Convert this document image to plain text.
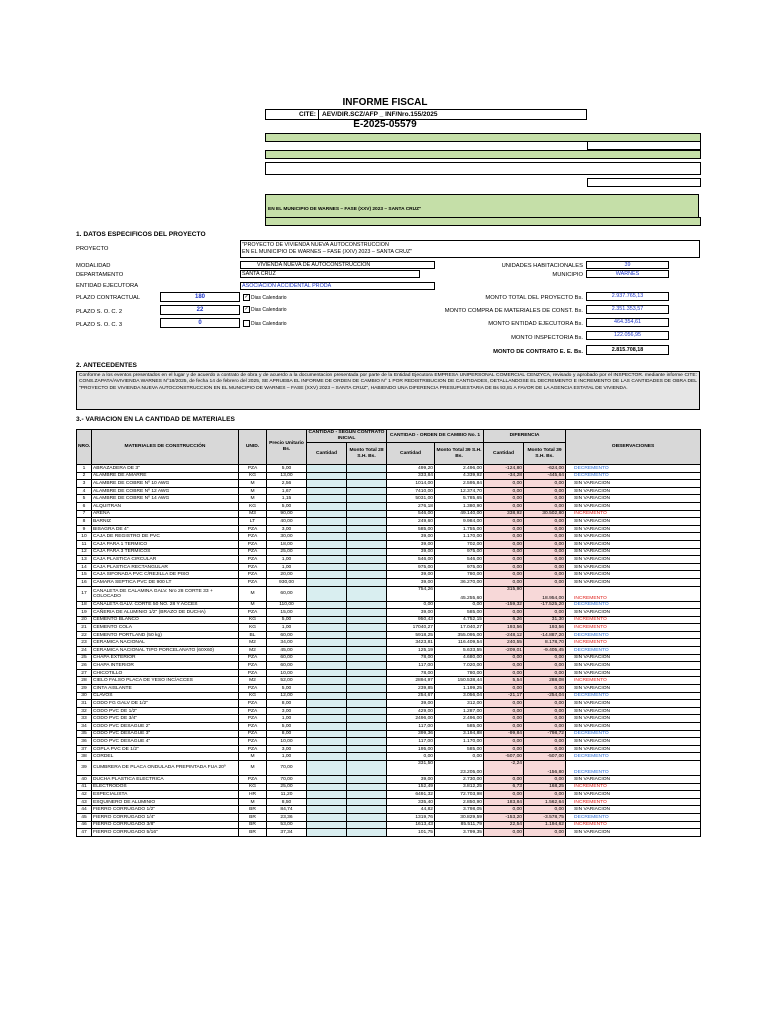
INFORME FISCAL
CITE: AEV/DIR.SCZ/AFP _ INF/Nro.155/2025
E-2025-05579
EN EL MUNICIPIO DE WARNES – FASE (XXV) 2023 – SANTA CRUZ"
1. DATOS ESPECIFICOS DEL PROYECTO
PROYECTO
"PROYECTO DE VIVIENDA NUEVA AUTOCONSTRUCCION
EN EL MUNICIPIO DE WARNES – FASE (XXV) 2023 – SANTA CRUZ"
MODALIDAD	VIVIENDA NUEVA DE AUTOCONSTRUCCION
DEPARTAMENTO	SANTA CRUZ
ENTIDAD EJECUTORA	ASOCIACION ACCIDENTAL PRODA
PLAZO CONTRACTUAL	180	✓ Dias Calendario
PLAZO S. O. C. 2	22	✓ Dias Calendario
PLAZO S. O. C. 3	0	Dias Calendario
UNIDADES HABITACIONALES	39
MUNICIPIO	WARNES
MONTO TOTAL DEL PROYECTO Bs.	2.937.765,13
MONTO COMPRA DE MATERIALES DE CONST. Bs.	2.351.353,57
MONTO ENTIDAD EJECUTORA Bs.	464.354,61
MONTO INSPECTORIA Bs.	122.056,95
MONTO DE CONTRATO E. E. Bs.	2.815.708,18
2. ANTECEDENTES
Conforme a los eventos presentados en el lugar y de acuerdo a contrato de obra y de acuerdo a la documentacion presentada por parte de la Entidad Ejecutora EMPRESA UNIPERSONAL COMERCIAL CENZYCA, revisado y aprobado por el INSPECTOR. mediante informe CITE: CONS.ZAPATA/AVIVIENDA WARNES N°18/2025, de fecha 14 de febrero del 2025, SE APRUEBA EL INFORME DE ORDEN DE CAMBIO N° 1 POR REDISTRIBUCION DE CANTIDADES, DETALLANDOSE EL DECREMENTO E INCREMENTO DE LAS CANTIDADES DE OBRA DEL "PROYECTO DE VIVIENDA NUEVA AUTOCONSTRUCCION EN EL MUNICIPIO DE WARNES – FASE (XXV) 2023 – SANTA CRUZ", HABIENDO UNA DIFERENCIA PRESUPUESTARIA DE Bs 93,81 A FAVOR DE LA AGENCIA ESTATAL DE VIVIENDA.
3.- VARIACION EN LA CANTIDAD DE MATERIALES
NRO.	MATERIALES DE CONSTRUCCIÓN	UNID.	Precio Unitario Bs.	CANTIDAD - SEGUN CONTRATO INICIAL		CANTIDAD - ORDEN DE CAMBIO No. 1		DIFERENCIA		OBSERVACIONES
				Cantidad	Monto Total 28 S.H. Bs.	Cantidad	Monto Total 39 S.H. Bs.	Cantidad	Monto Total 39 S.H. Bs.	
1	ABRAZADERA DE 3"	PZA	5,00			499,20	2.496,00	-124,80	-624,00	DECREMENTO
2	ALAMBRE DE AMARRE	KG	13,00			333,84	4.339,92	-34,28	-445,64	DECREMENTO
3	ALAMBRE DE COBRE Nº 10 AWG	M	2,56			1014,00	2.595,84	0,00	0,00	SIN VARIACION
4	ALAMBRE DE COBRE Nº 12 AWG	M	1,67			7410,00	12.374,70	0,00	0,00	SIN VARIACION
5	ALAMBRE DE COBRE Nº 14 AWG	M	1,15			5031,00	5.785,65	0,00	0,00	SIN VARIACION
6	ALQUITRAN	KG	5,00			276,18	1.380,90	0,00	0,00	SIN VARIACION
7	ARENA	M3	90,00			546,00	49.140,00	338,92	30.502,80	INCREMENTO
8	BARNIZ	LT	40,00			249,60	9.984,00	0,00	0,00	SIN VARIACION
9	BISAGRA DE 4"	PZA	3,00			585,00	1.755,00	0,00	0,00	SIN VARIACION
10	CAJA DE REGISTRO DE PVC	PZA	30,00			39,00	1.170,00	0,00	0,00	SIN VARIACION
11	CAJA PARA 1 TERMICO	PZA	18,00			39,00	702,00	0,00	0,00	SIN VARIACION
12	CAJA PARA 3 TERMICOS	PZA	25,00			39,00	975,00	0,00	0,00	SIN VARIACION
13	CAJA PLASTICA CIRCULAR	PZA	1,00			546,00	546,00	0,00	0,00	SIN VARIACION
14	CAJA PLASTICA RECTANGULAR	PZA	1,00			975,00	975,00	0,00	0,00	SIN VARIACION
15	CAJA SIFONADA PVC C/REJILLA DE PISO	PZA	20,00			39,00	780,00	0,00	0,00	SIN VARIACION
16	CAMARA SEPTICA PVC DE 900 LT	PZA	930,00			39,00	36.270,00	0,00	0,00	SIN VARIACION
17	CANALETA DE CALAMINA GALV. Nro 28 CORTE 33 + COLOCADO	M	60,00			754,26	45.255,60	315,90	18.954,00	INCREMENTO
18	CANALETA GALV. CORTE 50 NO. 28 Y ACCES	M	110,00			0,00	0,00	-159,32	-17.525,20	DECREMENTO
19	CAÑERIA DE ALUMINIO 1/2" (BRAZO DE DUCHA)	PZA	15,00			39,00	585,00	0,00	0,00	SIN VARIACION
20	CEMENTO BLANCO	KG	5,00			950,43	4.752,15	6,26	31,30	INCREMENTO
21	CEMENTO COLA	KG	1,00			17040,27	17.040,27	193,56	193,56	INCREMENTO
22	CEMENTO PORTLAND (50 kg)	BL	60,00			5918,25	355.095,00	-248,12	-14.887,20	DECREMENTO
23	CERAMICA NACIONAL	M2	34,00			3423,81	116.409,54	240,55	8.178,70	INCREMENTO
24	CERAMICA NACIONAL TIPO PORCELANATO (60X60)	M2	45,00			125,19	5.633,55	-209,01	-9.405,45	DECREMENTO
25	CHAPA EXTERIOR	PZA	60,00			78,00	4.680,00	0,00	0,00	SIN VARIACION
26	CHAPA INTERIOR	PZA	60,00			117,00	7.020,00	0,00	0,00	SIN VARIACION
27	CHICOTILLO	PZA	10,00			78,00	780,00	0,00	0,00	SIN VARIACION
28	CIELO FALSO PLACA DE YESO INC/ACCES	M2	52,00			2894,97	150.538,44	5,54	288,08	INCREMENTO
29	CINTA AISLANTE	PZA	5,00			239,85	1.199,25	0,00	0,00	SIN VARIACION
30	CLAVOS	KG	12,00			254,67	3.056,04	-21,17	-254,04	DECREMENTO
31	CODO FG GALV DE 1/2"	PZA	8,00			39,00	312,00	0,00	0,00	SIN VARIACION
32	CODO PVC DE 1/2"	PZA	3,00			429,00	1.287,00	0,00	0,00	SIN VARIACION
33	CODO PVC DE 3/4"	PZA	1,00			2496,00	2.496,00	0,00	0,00	SIN VARIACION
34	CODO PVC DESAGUE 2"	PZA	5,00			117,00	585,00	0,00	0,00	SIN VARIACION
35	CODO PVC DESAGUE 3"	PZA	8,00			399,36	3.194,88	-99,84	-798,72	DECREMENTO
36	CODO PVC DESAGUE 4"	PZA	10,00			117,00	1.170,00	0,00	0,00	SIN VARIACION
37	COPLA PVC DE 1/2"	PZA	3,00			195,00	585,00	0,00	0,00	SIN VARIACION
38	CORDEL	M	1,00			0,00	0,00	-507,00	-507,00	DECREMENTO
39	CUMBRERA DE PLACA ONDULADA PREPINTADA FUA 20º	M	70,00			331,50	23.205,00	-2,24	-156,80	DECREMENTO
40	DUCHA PLASTICA ELECTRICA	PZA	70,00			39,00	2.730,00	0,00	0,00	SIN VARIACION
41	ELECTRODOS	KG	25,00			152,49	3.812,25	6,73	168,25	INCREMENTO
42	ESPECIALISTA	HR	11,20			6491,32	72.703,98	0,00	0,00	SIN VARIACION
43	ESQUINERO DE ALUMINIO	M	8,50			335,40	2.850,90	183,84	1.562,64	INCREMENTO
44	FIERRO CORRUGADO 1/2"	BR	84,74			44,82	3.798,05	0,00	0,00	SIN VARIACION
45	FIERRO CORRUGADO 1/4"	BR	23,36			1319,76	30.829,59	-153,20	-3.578,75	DECREMENTO
46	FIERRO CORRUGADO 3/8"	BR	53,00			1613,43	85.511,79	22,54	1.194,62	INCREMENTO
47	FIERRO CORRUGADO 5/16"	BR	37,34			101,75	3.799,35	0,00	0,00	SIN VARIACION
